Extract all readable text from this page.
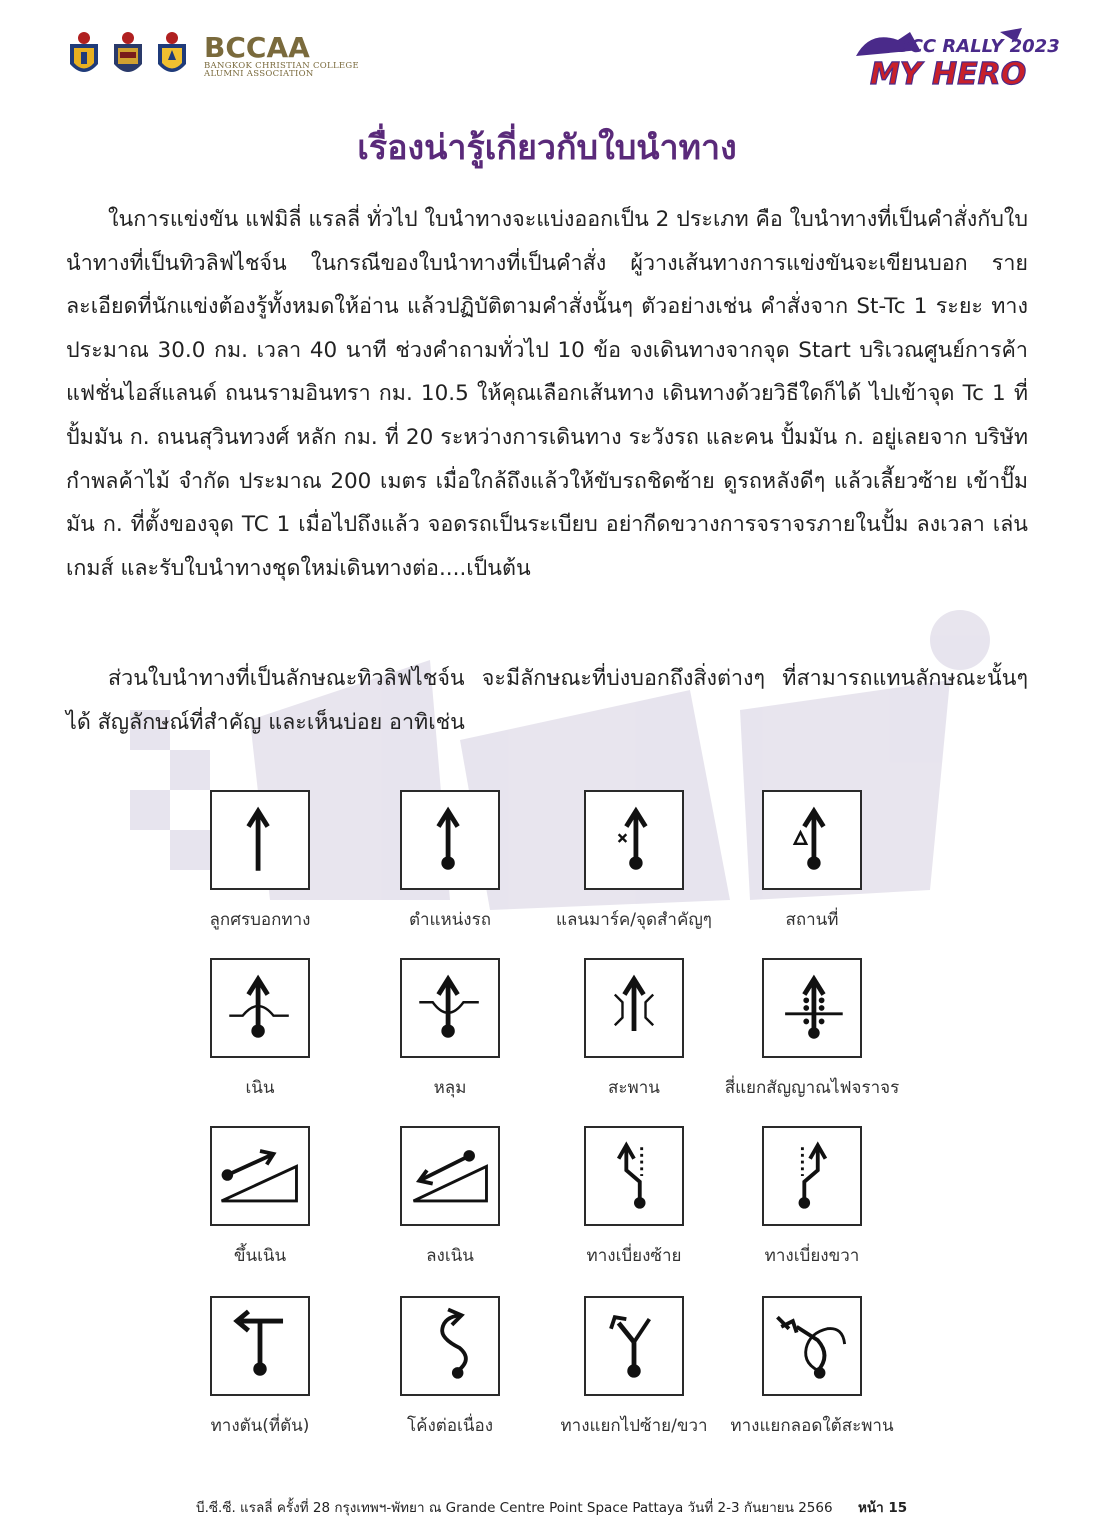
BCCAA
BANGKOK CHRISTIAN COLLEGE
ALUMNI ASSOCIATION
BCC RALLY 2023
MY HERO
เรื่องน่ารู้เกี่ยวกับใบนำทาง

ในการแข่งขัน แฟมิลี่ แรลลี่ ทั่วไป ใบนำทางจะแบ่งออกเป็น 2 ประเภท คือ ใบนำทางที่เป็นคำสั่งกับใบนำทางที่เป็นทิวลิฟไชจ์น ในกรณีของใบนำทางที่เป็นคำสั่ง ผู้วางเส้นทางการแข่งขันจะเขียนบอก รายละเอียดที่นักแข่งต้องรู้ทั้งหมดให้อ่าน แล้วปฏิบัติตามคำสั่งนั้นๆ ตัวอย่างเช่น คำสั่งจาก St-Tc 1 ระยะ ทางประมาณ 30.0 กม. เวลา 40 นาที ช่วงคำถามทั่วไป 10 ข้อ จงเดินทางจากจุด Start บริเวณศูนย์การค้า แฟชั่นไอส์แลนด์ ถนนรามอินทรา กม. 10.5 ให้คุณเลือกเส้นทาง เดินทางด้วยวิธีใดก็ได้ ไปเข้าจุด Tc 1 ที่ ปั้มมัน ก. ถนนสุวินทวงศ์ หลัก กม. ที่ 20 ระหว่างการเดินทาง ระวังรถ และคน ปั้มมัน ก. อยู่เลยจาก บริษัท กำพลค้าไม้ จำกัด ประมาณ 200 เมตร เมื่อใกล้ถึงแล้วให้ขับรถชิดซ้าย ดูรถหลังดีๆ แล้วเลี้ยวซ้าย เข้าปั๊มมัน ก. ที่ตั้งของจุด TC 1 เมื่อไปถึงแล้ว จอดรถเป็นระเบียบ อย่ากีดขวางการจราจรภายในปั้ม ลงเวลา เล่นเกมส์ และรับใบนำทางชุดใหม่เดินทางต่อ....เป็นต้น

ส่วนใบนำทางที่เป็นลักษณะทิวลิฟไชจ์น จะมีลักษณะที่บ่งบอกถึงสิ่งต่างๆ ที่สามารถแทนลักษณะนั้นๆ ได้ สัญลักษณ์ที่สำคัญ และเห็นบ่อย อาทิเช่น

ลูกศรบอกทาง	ตำแหน่งรถ	แลนมาร์ค/จุดสำคัญๆ	สถานที่
เนิน	หลุม	สะพาน	สี่แยกสัญญาณไฟจราจร
ขึ้นเนิน	ลงเนิน	ทางเบี่ยงซ้าย	ทางเบี่ยงขวา
ทางตัน(ที่ตัน)	โค้งต่อเนื่อง	ทางแยกไปซ้าย/ขวา	ทางแยกลอดใต้สะพาน
บี.ซี.ซี. แรลลี่ ครั้งที่ 28 กรุงเทพฯ-พัทยา ณ Grande Centre Point Space Pattaya วันที่ 2-3 กันยายน 2566 หน้า 15
